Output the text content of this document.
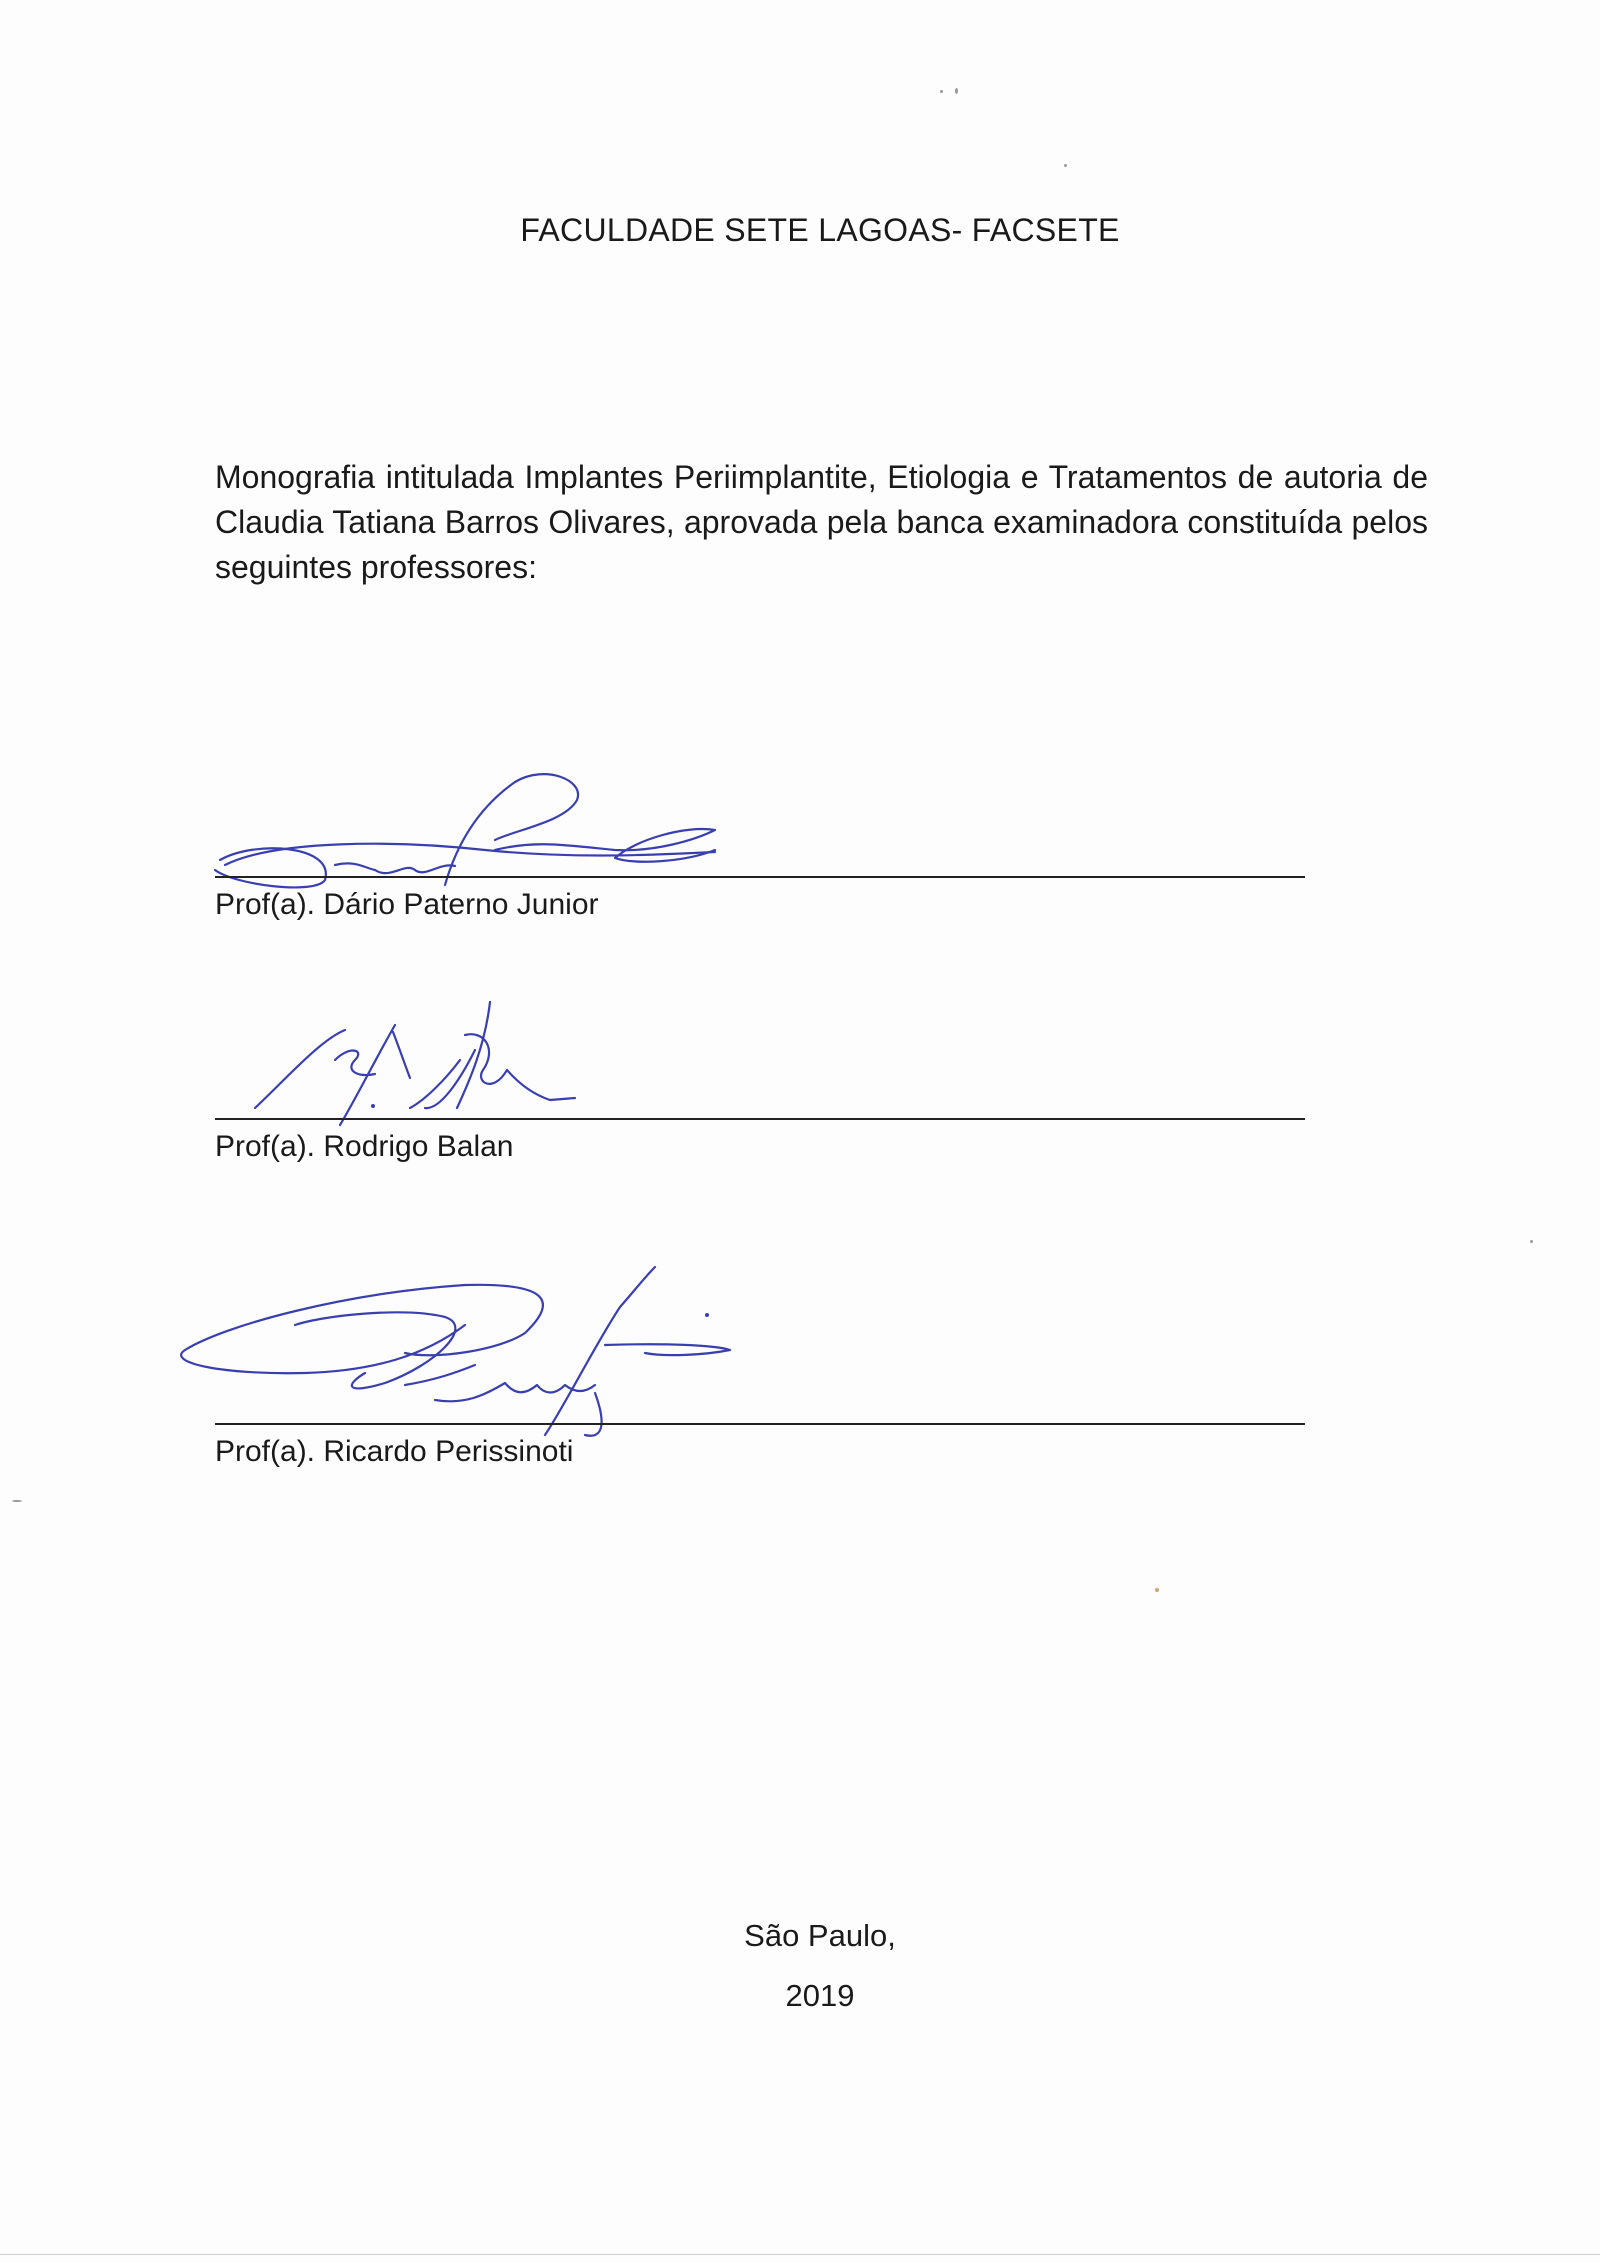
FACULDADE SETE LAGOAS- FACSETE

Monografia intitulada Implantes Periimplantite, Etiologia e Tratamentos de autoria de Claudia Tatiana Barros Olivares, aprovada pela banca examinadora constituída pelos seguintes professores:

Prof(a). Dário Paterno Junior
Prof(a). Rodrigo Balan
Prof(a). Ricardo Perissinoti
São Paulo,
2019
